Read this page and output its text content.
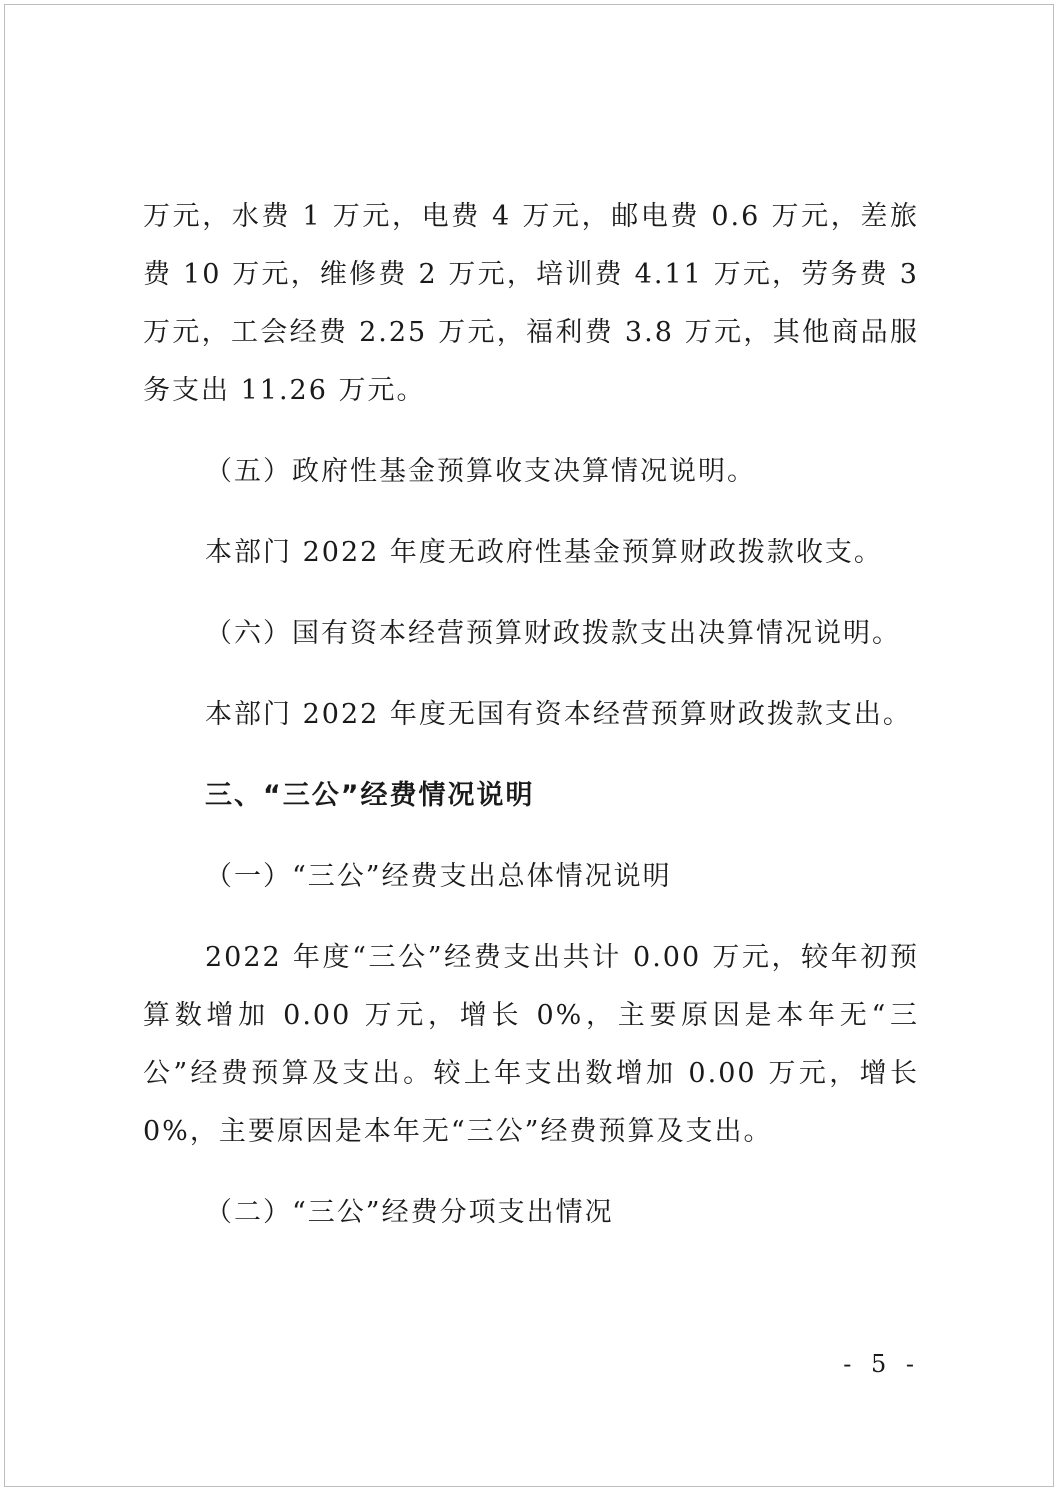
万元，水费 1 万元，电费 4 万元，邮电费 0.6 万元，差旅费 10 万元，维修费 2 万元，培训费 4.11 万元，劳务费 3 万元，工会经费 2.25 万元，福利费 3.8 万元，其他商品服务支出 11.26 万元。

（五）政府性基金预算收支决算情况说明。

本部门 2022 年度无政府性基金预算财政拨款收支。

（六）国有资本经营预算财政拨款支出决算情况说明。

本部门 2022 年度无国有资本经营预算财政拨款支出。

三、“三公”经费情况说明

（一）“三公”经费支出总体情况说明

2022 年度“三公”经费支出共计 0.00 万元，较年初预算数增加 0.00 万元，增长 0%，主要原因是本年无“三公”经费预算及支出。较上年支出数增加 0.00 万元，增长 0%，主要原因是本年无“三公”经费预算及支出。

（二）“三公”经费分项支出情况

- 5 -
